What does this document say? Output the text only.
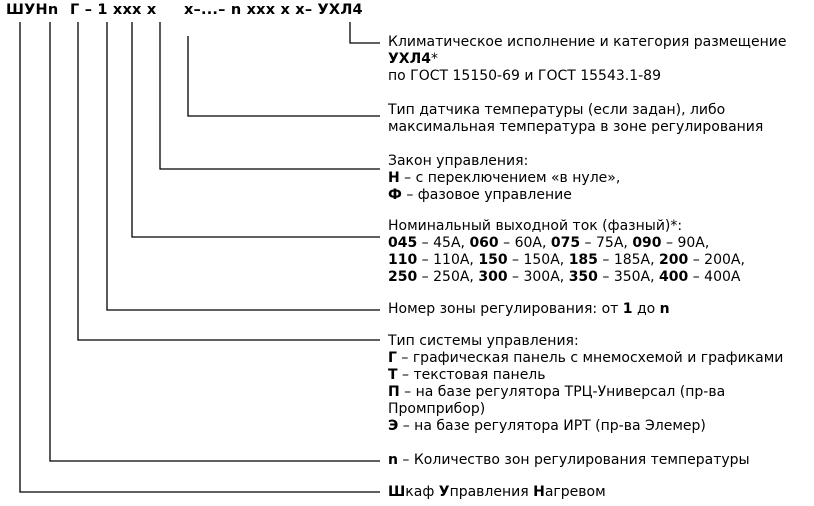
ШУНn Г – 1 xxx x x–...– n xxx x x– УХЛ4
Климатическое исполнение и категория размещение
УХЛ4*
по ГОСТ 15150-69 и ГОСТ 15543.1-89
Тип датчика температуры (если задан), либо
максимальная температура в зоне регулирования
Закон управления:
Н – с переключением «в нуле»,
Ф – фазовое управление
Номинальный выходной ток (фазный)*:
045 – 45А, 060 – 60А, 075 – 75А, 090 – 90А,
110 – 110А, 150 – 150А, 185 – 185А, 200 – 200А,
250 – 250А, 300 – 300А, 350 – 350А, 400 – 400А
Номер зоны регулирования: от 1 до n
Тип системы управления:
Г – графическая панель с мнемосхемой и графиками
Т – текстовая панель
П – на базе регулятора ТРЦ-Универсал (пр-ва
Промприбор)
Э – на базе регулятора ИРТ (пр-ва Элемер)
n – Количество зон регулирования температуры
Шкаф Управления Нагревом
